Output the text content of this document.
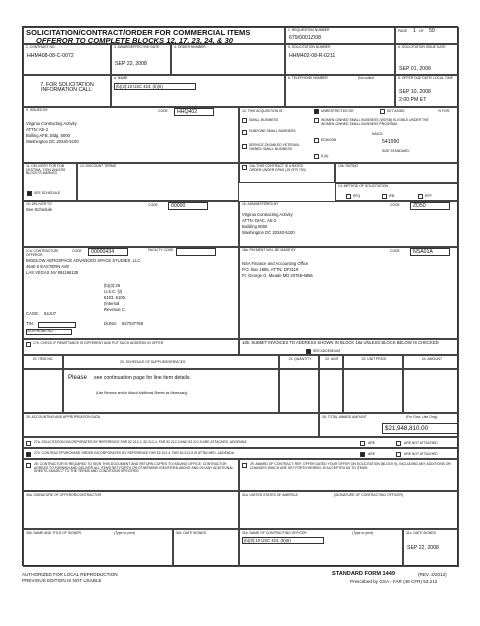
SOLICITATION/CONTRACT/ORDER FOR COMMERCIAL ITEMS
OFFEROR TO COMPLETE BLOCKS 12, 17, 23, 24, & 30
1. REQUISITION NUMBER
679/0001Z/08
PAGE 1 OF 59
2. CONTRACT NO.
HHM408-08-C-0072
3. AWARD/EFFECTIVE DATE
SEP 22, 2008
4. ORDER NUMBER	5. SOLICITATION NUMBER
HHM402-08-R-0211
6. SOLICITATION ISSUE DATE
SEP 01, 2008
7. FOR SOLICITATION INFORMATION CALL:
a. NAME
(b)(3):10 USC 424, (b)(6)
b. TELEPHONE NUMBER	(No collect	8. OFFER DUE DATE/ LOCAL TIME
SEP 10, 2008
2:00 PM ET
9. ISSUED BY	CODE HHQ402
Virginia Contracting Activity
ATTN: AE-2
Bolling AFB, Bldg. 6000
Washington DC 20340-5100
10. THIS ACQUISITION IS	UNRESTRICTED OR	SET ASIDE:	% FOR:
SMALL BUSINESS	WOMEN-OWNED SMALL BUSINESS (WOSB) ELIGIBLE UNDER THE WOMEN-OWNED SMALL BUSINESS PROGRAM
HUBZONE SMALL BUSINESS
EDWOSB
NAICS:
541990
SERVICE-DISABLED VETERAN-OWNED SMALL BUSINESS
8 (A)
SIZE STANDARD:
11. DELIVERY FOR FOB DESTINA- TION UNLESS BLOCK IS MARKED
SEE SCHEDULE
12. DISCOUNT TERMS	13a. THIS CONTRACT IS A RATED ORDER UNDER DPAS (15 CFR 700)
13b. RATING
14. METHOD OF SOLICITATION
RFQ	IFB	RFP
15. DELIVER TO
See Schedule
CODE	00000	16. ADMINISTERED BY	CODE	ZD50
Virginia Contracting Activity
ATTN: DIAC, AE-2
Building 6000
Washington DC 20340-5100
17a. CONTRACTOR/ OFFEROR
CODE 00000434	FACILITY CODE
BIGELOW AEROSPACE ADVANCED SPACE STUDIES, LLC
4640 S EASTERN AVE
LAS VEGAS NV 891196135
(b)(3):26
U.S.C. §§
6103, 6105
(Internal
Revenue C
CAGE: 54JU7
TIN:	DUNS: 827037768
TELEPHONE NO.
18a. PAYMENT WILL BE MADE BY	CODE	NSA01A
NSA Finance and Accounting Office
P.O. Box 1685, ATTN: DF2119
Ft. George G. Meade MD 20755-6856
17b. CHECK IF REMITTANCE IS DIFFERENT AND PUT SUCH ADDRESS IN OFFER	18b. SUBMIT INVOICES TO ADDRESS SHOWN IN BLOCK 18a UNLESS BLOCK BELOW IS CHECKED
SEE ADDENDUM
19. ITEM NO.
20. SCHEDULE OF SUPPLIES/SERVICES
21. QUANTITY	22. UNIT	23. UNIT PRICE	24. AMOUNT
Please see continuation page for line item details.
(Use Reverse and/or Attach Additional Sheets as Necessary)
25. ACCOUNTING AND APPROPRIATION DATA	26. TOTAL AWARD AMOUNT	(For Govt. Use Only)
$21,948,810.00
27a. SOLICITATION INCORPORATES BY REFERENCE FAR 52.212-1, 52.212-4. FAR 52.212-3 AND 52.212-5 ARE ATTACHED. ADDENDA	ARE	ARE NOT ATTACHED
27b. CONTRACT/PURCHASE ORDER INCORPORATES BY REFERENCE FAR 52.212-4. FAR 52.212-5 IS ATTACHED. ADDENDA	ARE	ARE NOT ATTACHED
28. CONTRACTOR IS REQUIRED TO SIGN THIS DOCUMENT AND RETURN COPIES TO ISSUING OFFICE. CONTRACTOR AGREES TO FURNISH AND DELIVER ALL ITEMS SET FORTH OR OTHERWISE IDENTIFIED ABOVE AND ON ANY ADDITIONAL SHEETS SUBJECT TO THE TERMS AND CONDITIONS SPECIFIED
29. AWARD OF CONTRACT: REF. OFFER DATED YOUR OFFER ON SOLICITATION (BLOCK 5), INCLUDING ANY ADDITIONS OR CHANGES WHICH ARE SET FORTH HEREIN, IS ACCEPTED AS TO ITEMS:
30a. SIGNATURE OF OFFEROR/CONTRACTOR	31a. UNITED STATES OF AMERICA	(SIGNATURE OF CONTRACTING OFFICER)
30b. NAME AND TITLE OF SIGNER	(Type or print)	30c. DATE SIGNED	31b. NAME OF CONTRACTING OFFICER	(Type or print)
(b)(3):10 USC 424, (b)(6)
31c. DATE SIGNED
SEP 22, 2008
AUTHORIZED FOR LOCAL REPRODUCTION
PREVIOUS EDITION IS NOT USABLE
STANDARD FORM 1449	(REV. 2/2012)
Prescribed by GSA - FAR (48 CFR) 53.212
